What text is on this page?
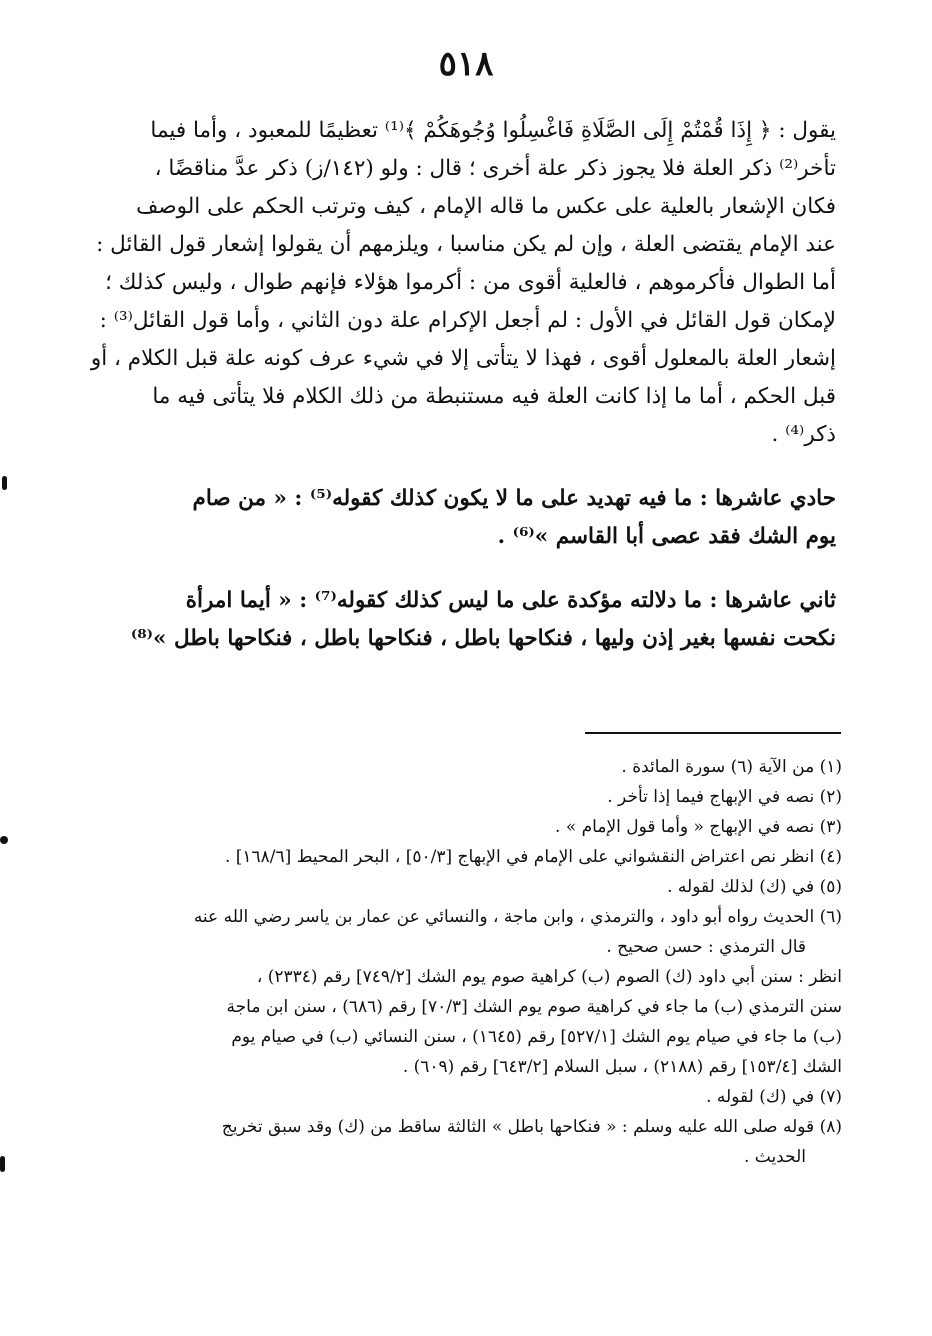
٥١٨

يقول : ﴿ إِذَا قُمْتُمْ إِلَى الصَّلَاةِ فَاغْسِلُوا وُجُوهَكُمْ ﴾⁽¹⁾ تعظيمًا للمعبود ، وأما فيما

تأخر⁽²⁾ ذكر العلة فلا يجوز ذكر علة أخرى ؛ قال : ولو (١٤٢/ز) ذكر عدَّ مناقضًا ،

فكان الإشعار بالعلية على عكس ما قاله الإمام ، كيف وترتب الحكم على الوصف

عند الإمام يقتضى العلة ، وإن لم يكن مناسبا ، ويلزمهم أن يقولوا إشعار قول القائل :

أما الطوال فأكرموهم ، فالعلية أقوى من : أكرموا هؤلاء فإنهم طوال ، وليس كذلك ؛

لإمكان قول القائل في الأول : لم أجعل الإكرام علة دون الثاني ، وأما قول القائل⁽³⁾ :

إشعار العلة بالمعلول أقوى ، فهذا لا يتأتى إلا في شيء عرف كونه علة قبل الكلام ، أو

قبل الحكم ، أما ما إذا كانت العلة فيه مستنبطة من ذلك الكلام فلا يتأتى فيه ما

ذكر⁽⁴⁾ .

حادي عاشرها : ما فيه تهديد على ما لا يكون كذلك كقوله⁽⁵⁾ : « من صام

يوم الشك فقد عصى أبا القاسم »⁽⁶⁾ .

ثاني عاشرها : ما دلالته مؤكدة على ما ليس كذلك كقوله⁽⁷⁾ : « أيما امرأة

نكحت نفسها بغير إذن وليها ، فنكاحها باطل ، فنكاحها باطل ، فنكاحها باطل »⁽⁸⁾

(١) من الآية (٦) سورة المائدة .

(٢) نصه في الإبهاج فيما إذا تأخر .

(٣) نصه في الإبهاج « وأما قول الإمام » .

(٤) انظر نص اعتراض النقشواني على الإمام في الإبهاج [٥٠/٣] ، البحر المحيط [١٦٨/٦] .

(٥) في (ك) لذلك لقوله .

(٦) الحديث رواه أبو داود ، والترمذي ، وابن ماجة ، والنسائي عن عمار بن ياسر رضي الله عنه

قال الترمذي : حسن صحيح .

انظر : سنن أبي داود (ك) الصوم (ب) كراهية صوم يوم الشك [٧٤٩/٢] رقم (٢٣٣٤) ،

سنن الترمذي (ب) ما جاء في كراهية صوم يوم الشك [٧٠/٣] رقم (٦٨٦) ، سنن ابن ماجة

(ب) ما جاء في صيام يوم الشك [٥٢٧/١] رقم (١٦٤٥) ، سنن النسائي (ب) في صيام يوم

الشك [١٥٣/٤] رقم (٢١٨٨) ، سبل السلام [٦٤٣/٢] رقم (٦٠٩) .

(٧) في (ك) لقوله .

(٨) قوله صلى الله عليه وسلم : « فنكاحها باطل » الثالثة ساقط من (ك) وقد سبق تخريج

الحديث .
